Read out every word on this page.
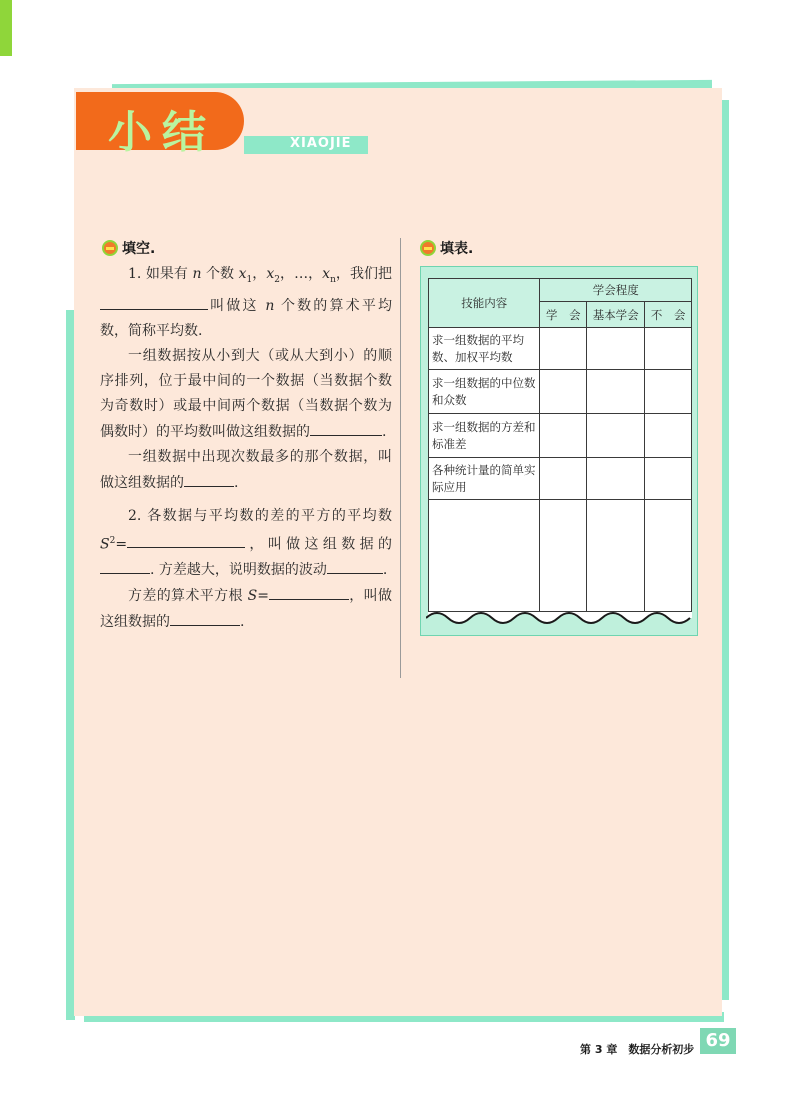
小结	XIAOJIE
填空.

1. 如果有 n 个数 $x_1$，$x_2$，…，$x_n$，我们把 叫做这 n 个数的算术平均数，简称平均数.

一组数据按从小到大（或从大到小）的顺序排列，位于最中间的一个数据（当数据个数为奇数时）或最中间两个数据（当数据个数为偶数时）的平均数叫做这组数据的	.

一组数据中出现次数最多的那个数据，叫做这组数据的	.

2. 各数据与平均数的差的平方的平均数 $S^2=$	，叫做这组数据的. 方差越大，说明数据的波动	.

方差的算术平方根 S=	，叫做这组数据的	.

填表.
技能内容	学会程度		
	学　会	基本学会	不　会
求一组数据的平均数、加权平均数			
求一组数据的中位数和众数			
求一组数据的方差和标准差			
各种统计量的简单实际应用			

第 3 章　数据分析初步 69
